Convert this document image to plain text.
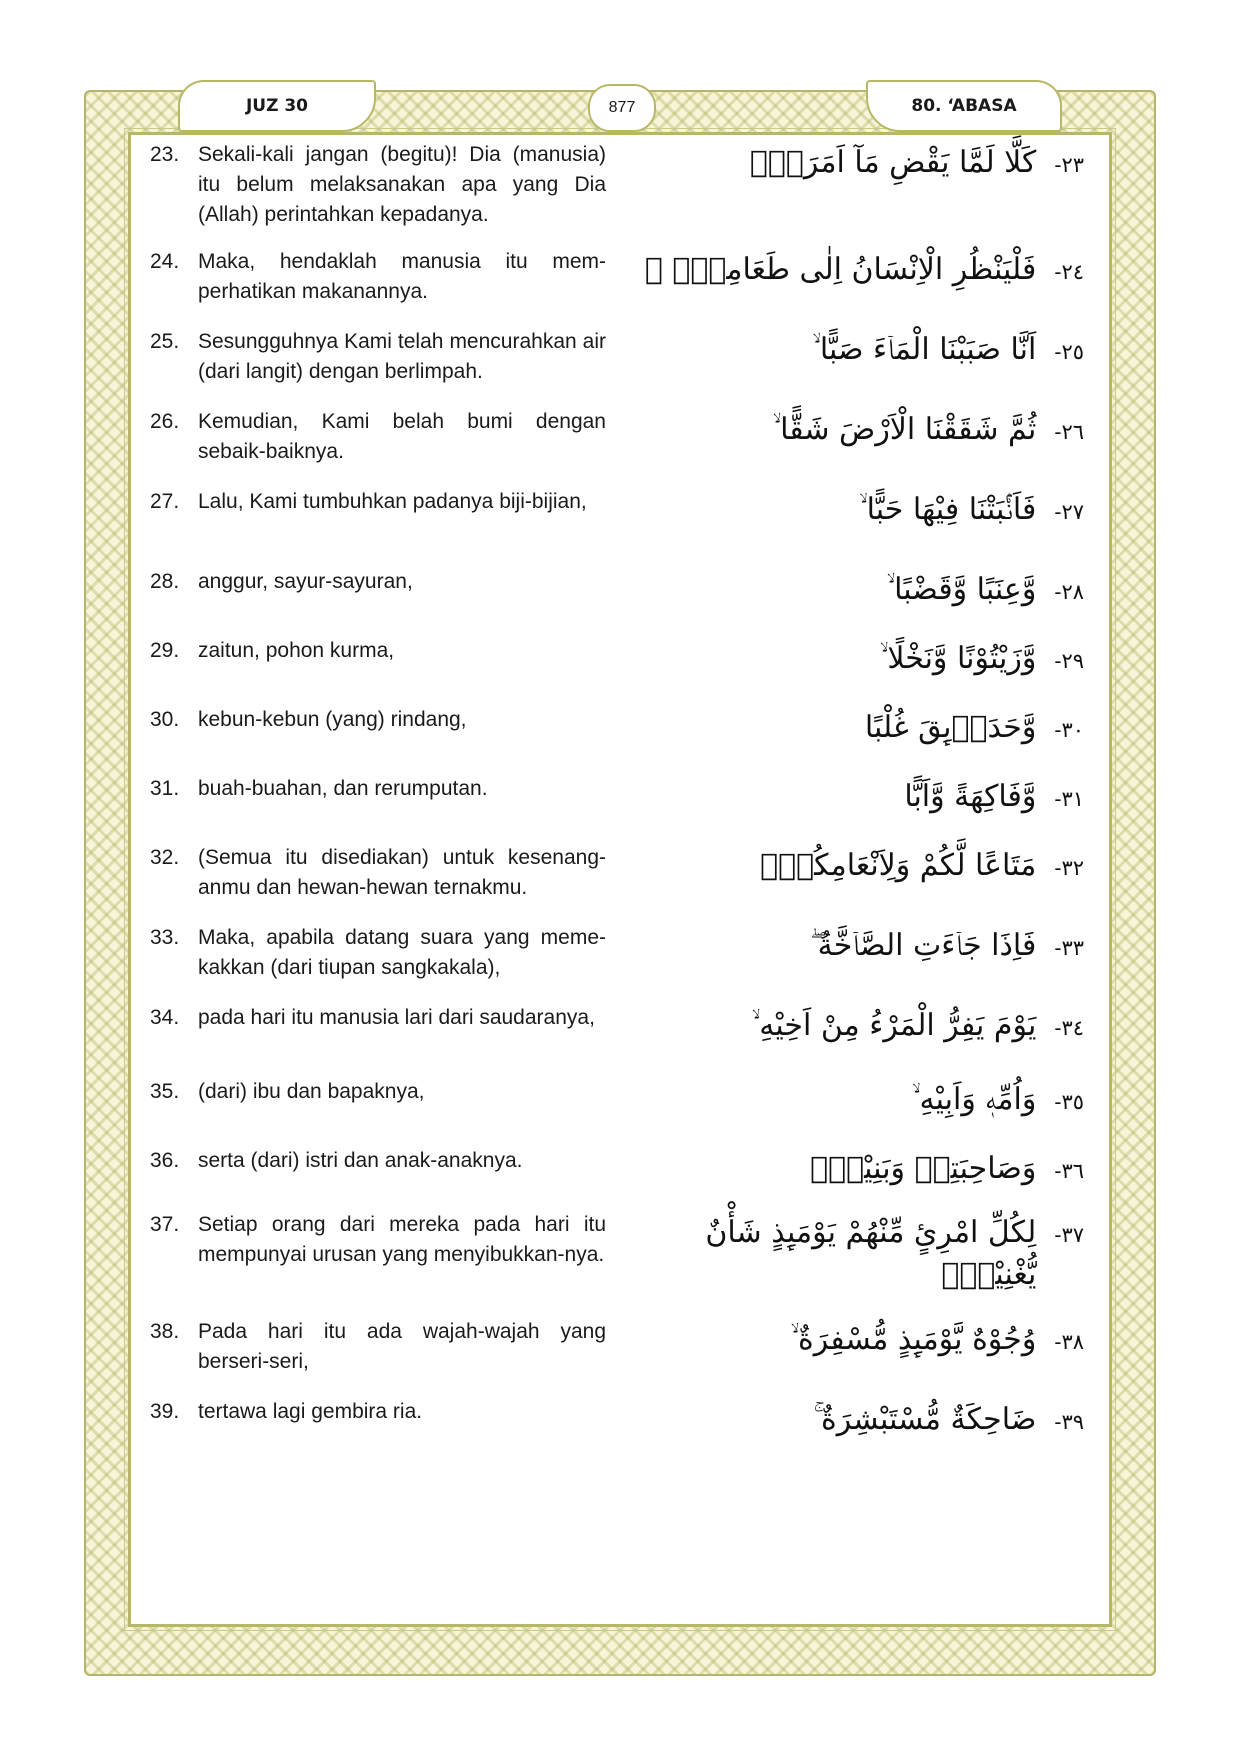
JUZ 30	877	80. ‘ABASA
23. Sekali-kali jangan (begitu)! Dia (manusia) itu belum melaksanakan apa yang Dia (Allah) perintahkan kepadanya.
كَلَّا لَمَّا يَقْضِ مَآ اَمَرَهٗۗ ٢٣-
24. Maka, hendaklah manusia itu mem-perhatikan makanannya.
فَلْيَنْظُرِ الْاِنْسَانُ اِلٰى طَعَامِهٖٓ ۙ ٢٤-
25. Sesungguhnya Kami telah mencurahkan air (dari langit) dengan berlimpah.
اَنَّا صَبَبْنَا الْمَاۤءَ صَبًّا ۙ ٢٥-
26. Kemudian, Kami belah bumi dengan sebaik-baiknya.
ثُمَّ شَقَقْنَا الْاَرْضَ شَقًّا ۙ ٢٦-
27. Lalu, Kami tumbuhkan padanya biji-bijian,	فَاَنْۢبَتْنَا فِيْهَا حَبًّا ۙ ٢٧-
28. anggur, sayur-sayuran,	وَّعِنَبًا وَّقَضْبًا ۙ ٢٨-
29. zaitun, pohon kurma,	وَّزَيْتُوْنًا وَّنَخْلًا ۙ ٢٩-
30. kebun-kebun (yang) rindang,	وَّحَدَاۤىِٕقَ غُلْبًا ٣٠-
31. buah-buahan, dan rerumputan.	وَّفَاكِهَةً وَّاَبًّا ٣١-
32. (Semua itu disediakan) untuk kesenang-anmu dan hewan-hewan ternakmu.
مَتَاعًا لَّكُمْ وَلِاَنْعَامِكُمْۗ ٣٢-
33. Maka, apabila datang suara yang meme-kakkan (dari tiupan sangkakala),
فَاِذَا جَاۤءَتِ الصَّاۤخَّةُ ۖ ٣٣-
34. pada hari itu manusia lari dari saudaranya,	يَوْمَ يَفِرُّ الْمَرْءُ مِنْ اَخِيْهِ ۙ ٣٤-
35. (dari) ibu dan bapaknya,	وَاُمِّهٖ وَاَبِيْهِ ۙ ٣٥-
36. serta (dari) istri dan anak-anaknya.	وَصَاحِبَتِهٖ وَبَنِيْهِۗ ٣٦-
37. Setiap orang dari mereka pada hari itu mempunyai urusan yang menyibukkan-nya.
لِكُلِّ امْرِئٍ مِّنْهُمْ يَوْمَىِٕذٍ شَأْنٌ يُّغْنِيْهِۗ
٣٧-
38. Pada hari itu ada wajah-wajah yang berseri-seri,
وُجُوْهٌ يَّوْمَىِٕذٍ مُّسْفِرَةٌ ۙ ٣٨-
39. tertawa lagi gembira ria.	ضَاحِكَةٌ مُّسْتَبْشِرَةٌ ۚ ٣٩-
